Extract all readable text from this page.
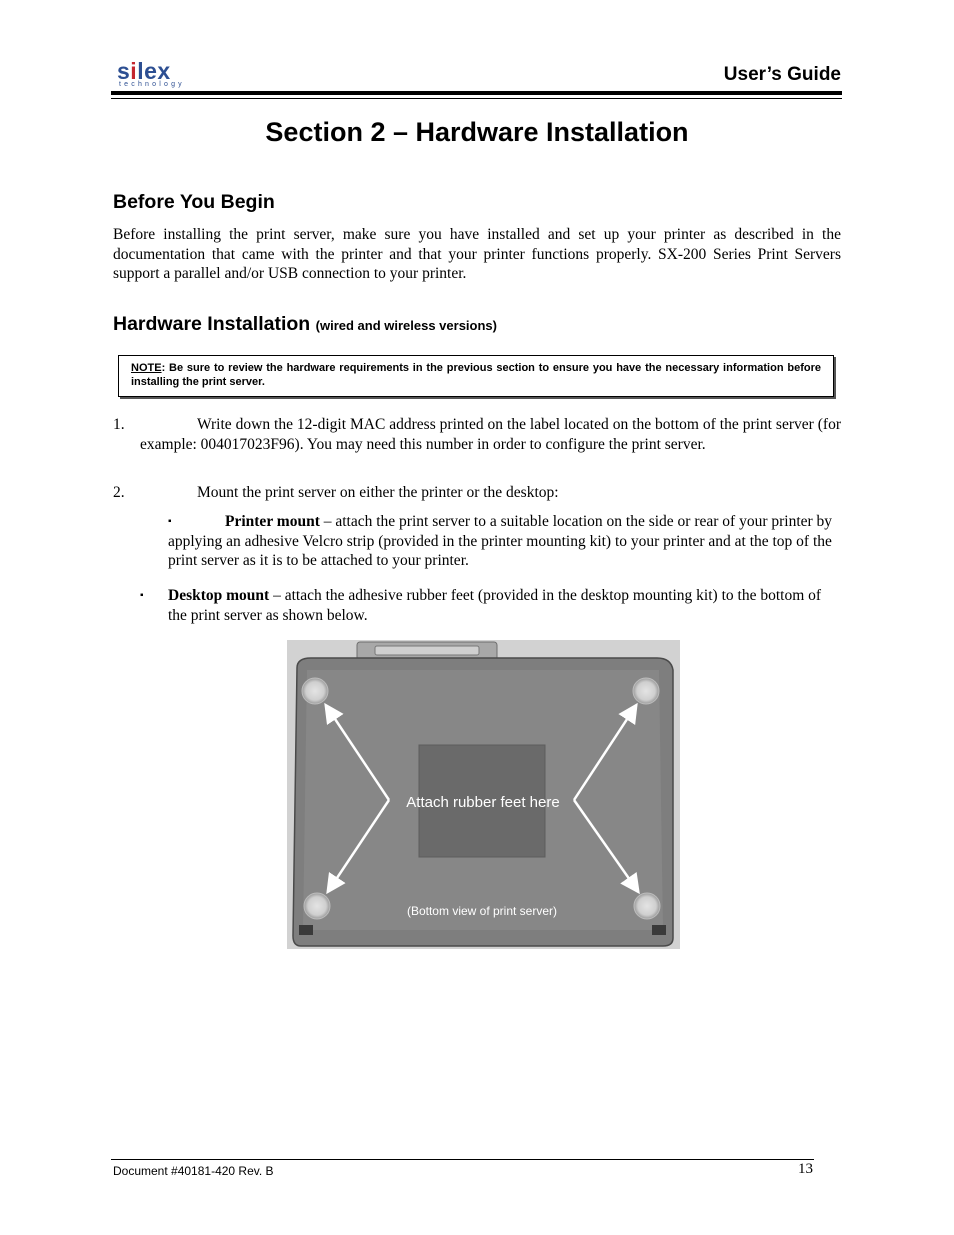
silex
technology	User’s Guide
Section 2 – Hardware Installation
Before You Begin
Before installing the print server, make sure you have installed and set up your printer as described in the documentation that came with the printer and that your printer functions properly. SX-200 Series Print Servers support a parallel and/or USB connection to your printer.
Hardware Installation (wired and wireless versions)
NOTE: Be sure to review the hardware requirements in the previous section to ensure you have the necessary information before installing the print server.
1.	Write down the 12-digit MAC address printed on the label located on the bottom of the print server (for example: 004017023F96). You may need this number in order to configure the print server.
2.	Mount the print server on either the printer or the desktop:
▪	Printer mount – attach the print server to a suitable location on the side or rear of your printer by applying an adhesive Velcro strip (provided in the printer mounting kit) to your printer and at the top of the print server as it is to be attached to your printer.
▪	Desktop mount – attach the adhesive rubber feet (provided in the desktop mounting kit) to the bottom of the print server as shown below.
Attach rubber feet here
(Bottom view of print server)
Document #40181-420 Rev. B	13
